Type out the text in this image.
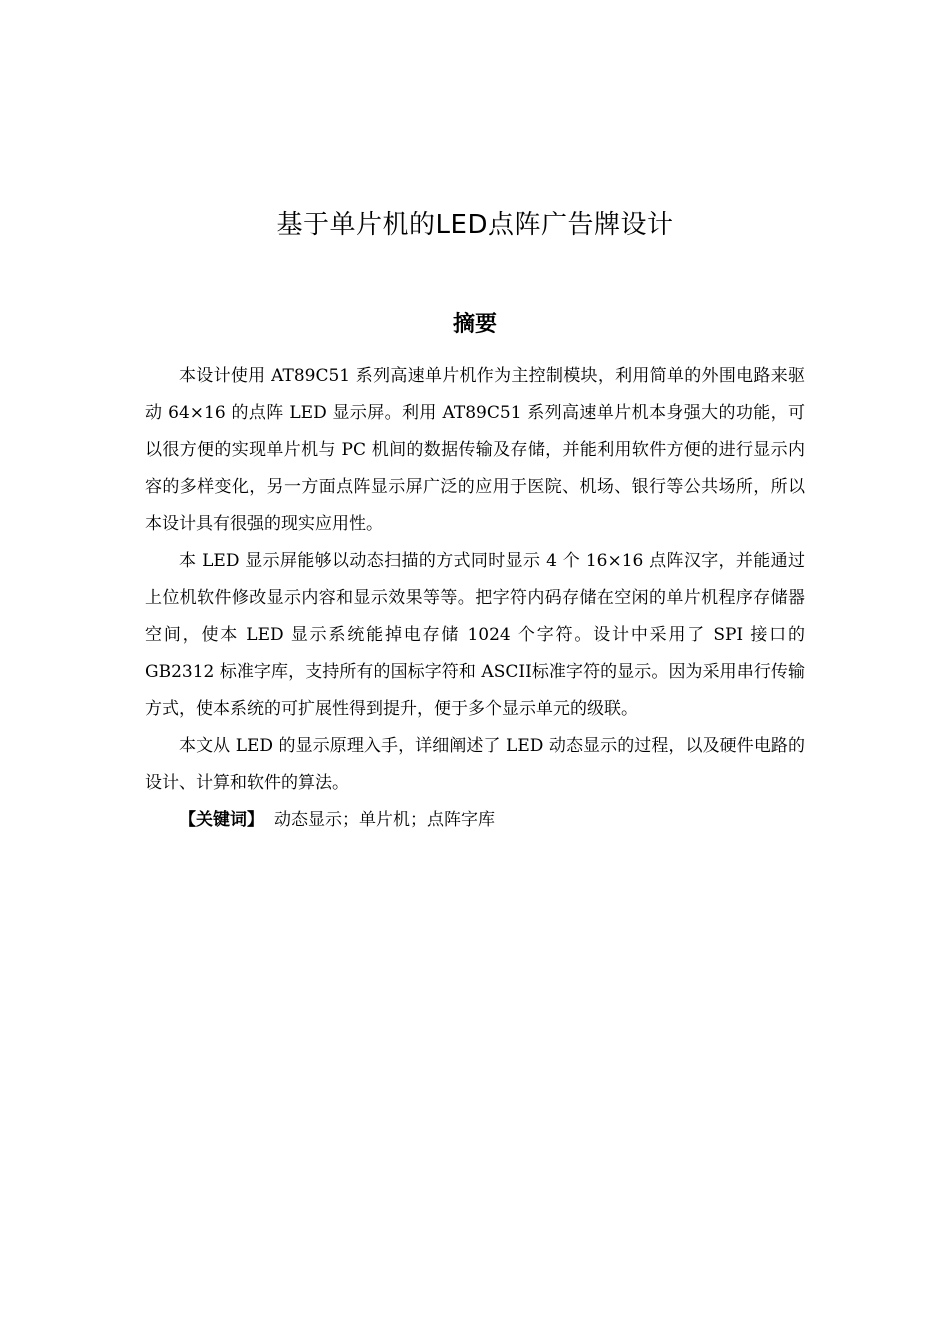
基于单片机的LED点阵广告牌设计
摘要

本设计使用 AT89C51 系列高速单片机作为主控制模块，利用简单的外围电路来驱动 64×16 的点阵 LED 显示屏。利用 AT89C51 系列高速单片机本身强大的功能，可以很方便的实现单片机与 PC 机间的数据传输及存储，并能利用软件方便的进行显示内容的多样变化，另一方面点阵显示屏广泛的应用于医院、机场、银行等公共场所，所以本设计具有很强的现实应用性。

本 LED 显示屏能够以动态扫描的方式同时显示 4 个 16×16 点阵汉字，并能通过上位机软件修改显示内容和显示效果等等。把字符内码存储在空闲的单片机程序存储器空间，使本 LED 显示系统能掉电存储 1024 个字符。设计中采用了 SPI 接口的 GB2312 标准字库，支持所有的国标字符和 ASCII标准字符的显示。因为采用串行传输方式，使本系统的可扩展性得到提升，便于多个显示单元的级联。

本文从 LED 的显示原理入手，详细阐述了 LED 动态显示的过程，以及硬件电路的设计、计算和软件的算法。

【关键词】 动态显示；单片机；点阵字库
